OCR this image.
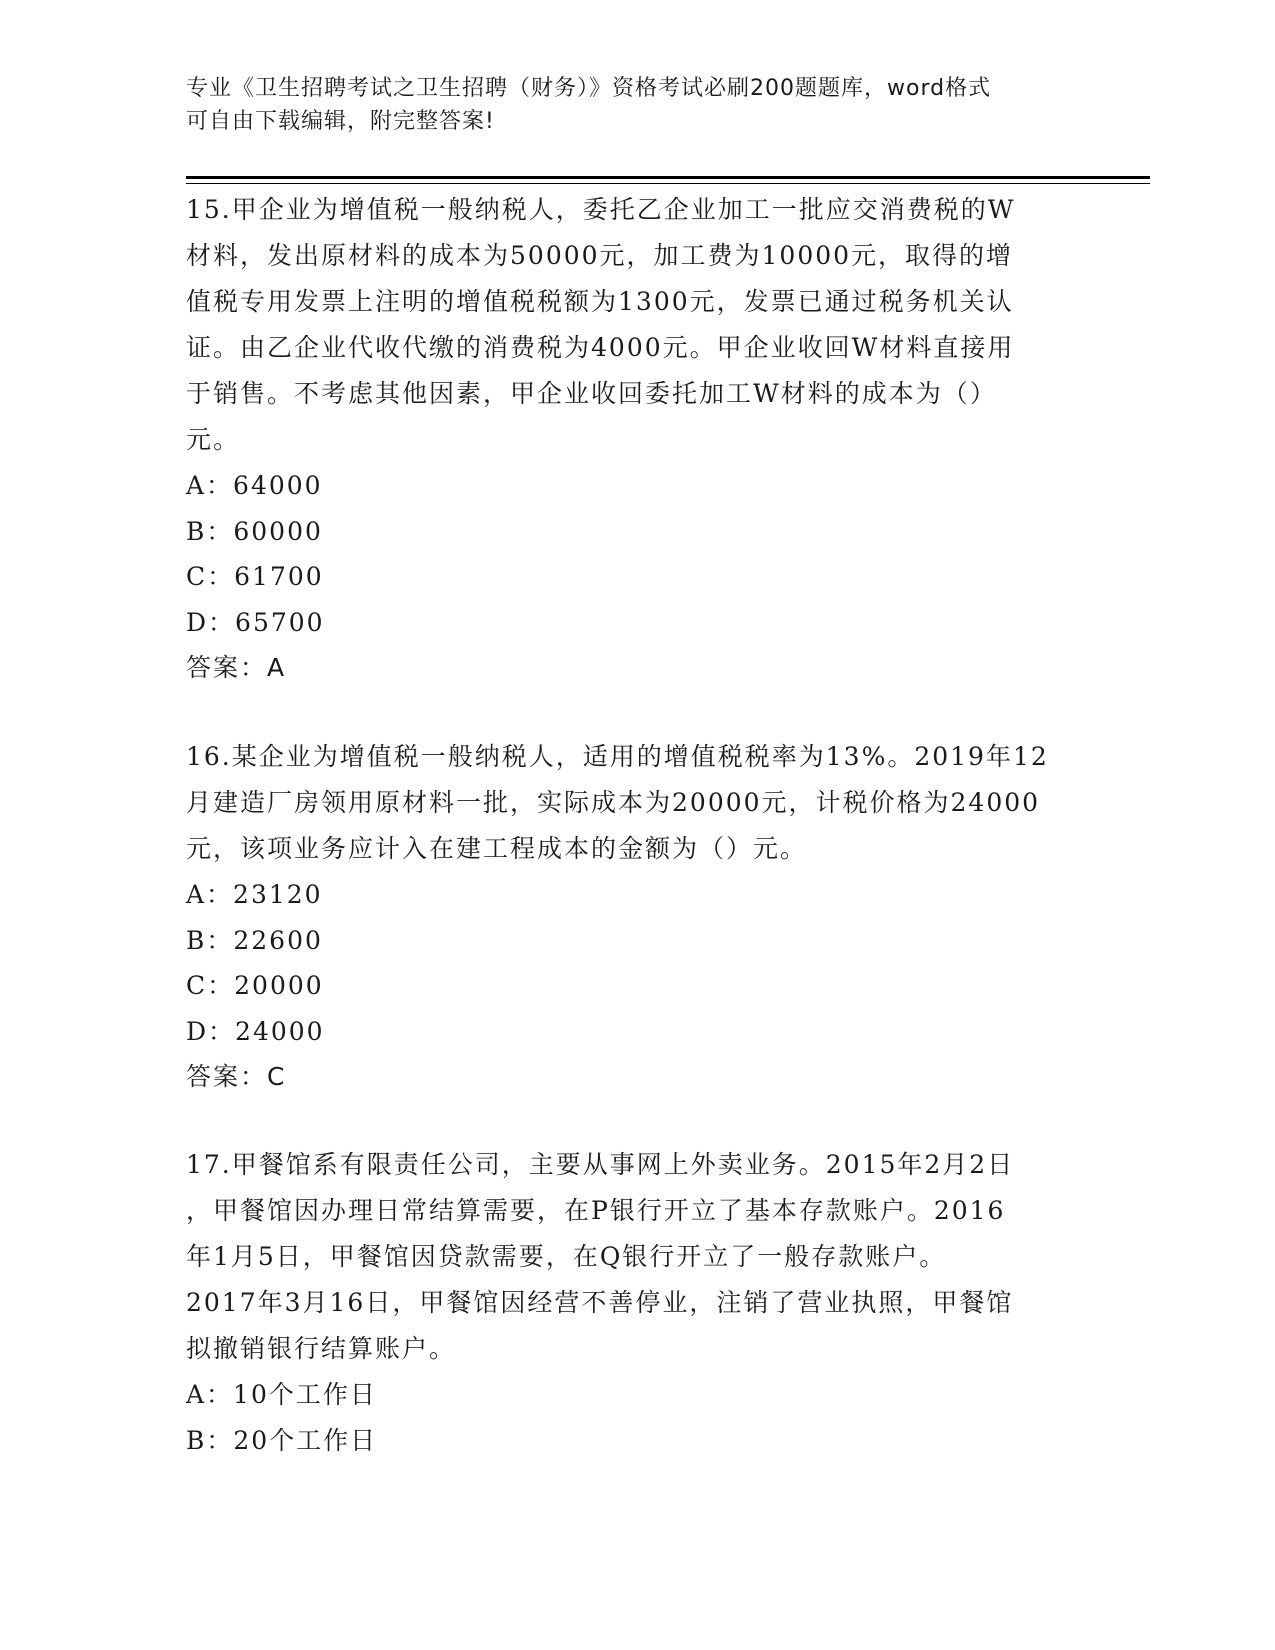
专业《卫生招聘考试之卫生招聘（财务）》资格考试必刷200题题库，word格式
可自由下载编辑，附完整答案!
15.甲企业为增值税一般纳税人，委托乙企业加工一批应交消费税的W
材料，发出原材料的成本为50000元，加工费为10000元，取得的增
值税专用发票上注明的增值税税额为1300元，发票已通过税务机关认
证。由乙企业代收代缴的消费税为4000元。甲企业收回W材料直接用
于销售。不考虑其他因素，甲企业收回委托加工W材料的成本为（）
元。
A：64000
B：60000
C：61700
D：65700
答案：A
16.某企业为增值税一般纳税人，适用的增值税税率为13%。2019年12
月建造厂房领用原材料一批，实际成本为20000元，计税价格为24000
元，该项业务应计入在建工程成本的金额为（）元。
A：23120
B：22600
C：20000
D：24000
答案：C
17.甲餐馆系有限责任公司，主要从事网上外卖业务。2015年2月2日
，甲餐馆因办理日常结算需要，在P银行开立了基本存款账户。2016
年1月5日，甲餐馆因贷款需要，在Q银行开立了一般存款账户。
2017年3月16日，甲餐馆因经营不善停业，注销了营业执照，甲餐馆
拟撤销银行结算账户。
A：10个工作日
B：20个工作日
